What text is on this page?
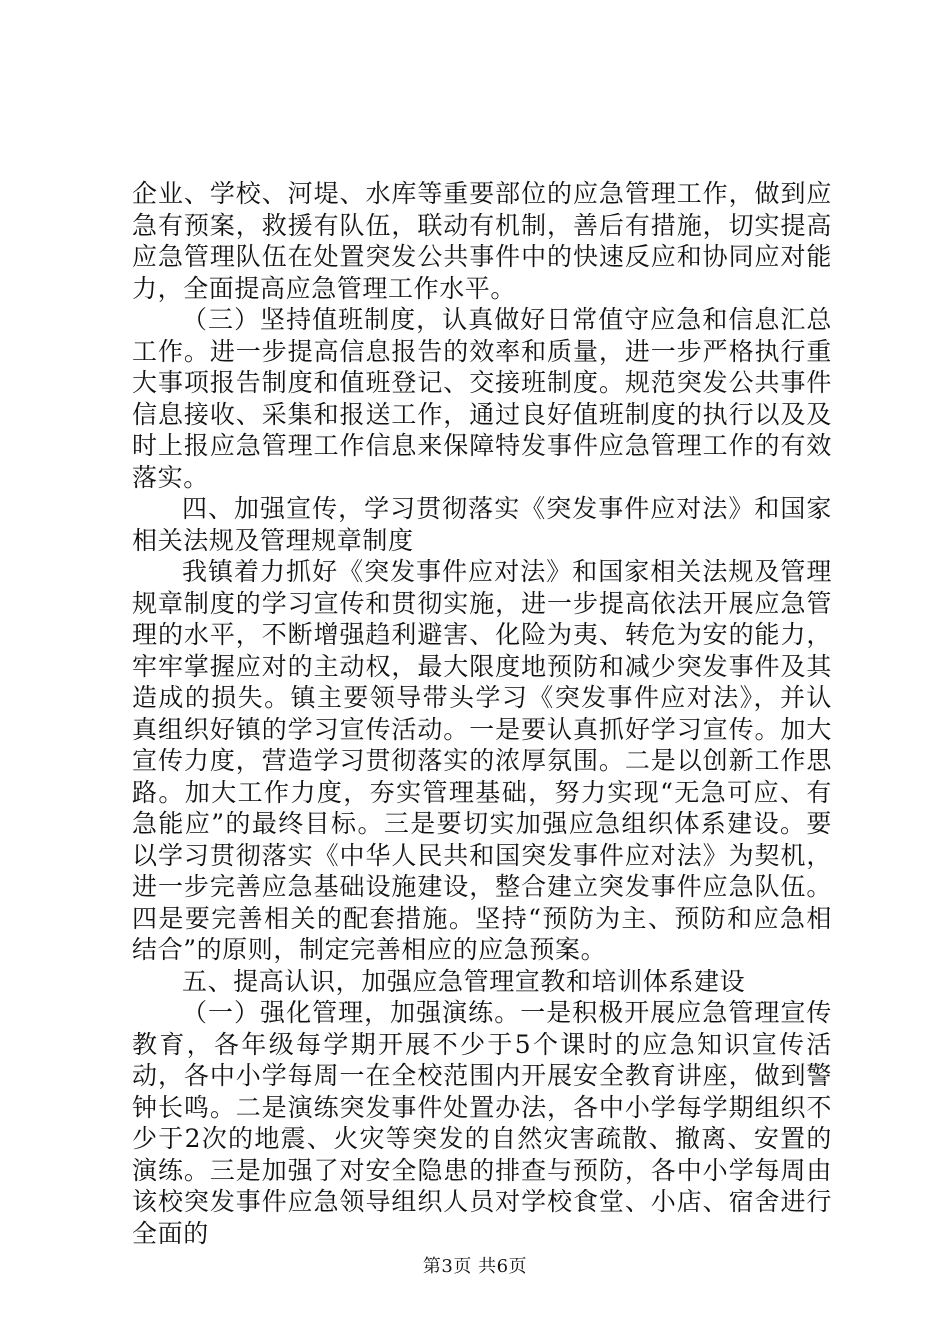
企业、学校、河堤、水库等重要部位的应急管理工作，做到应急有预案，救援有队伍，联动有机制，善后有措施，切实提高应急管理队伍在处置突发公共事件中的快速反应和协同应对能力，全面提高应急管理工作水平。

（三）坚持值班制度，认真做好日常值守应急和信息汇总工作。进一步提高信息报告的效率和质量，进一步严格执行重大事项报告制度和值班登记、交接班制度。规范突发公共事件信息接收、采集和报送工作，通过良好值班制度的执行以及及时上报应急管理工作信息来保障特发事件应急管理工作的有效落实。

四、加强宣传，学习贯彻落实《突发事件应对法》和国家相关法规及管理规章制度

我镇着力抓好《突发事件应对法》和国家相关法规及管理规章制度的学习宣传和贯彻实施，进一步提高依法开展应急管理的水平，不断增强趋利避害、化险为夷、转危为安的能力，牢牢掌握应对的主动权，最大限度地预防和减少突发事件及其造成的损失。镇主要领导带头学习《突发事件应对法》，并认真组织好镇的学习宣传活动。一是要认真抓好学习宣传。加大宣传力度，营造学习贯彻落实的浓厚氛围。二是以创新工作思路。加大工作力度，夯实管理基础，努力实现“无急可应、有急能应”的最终目标。三是要切实加强应急组织体系建设。要以学习贯彻落实《中华人民共和国突发事件应对法》为契机，进一步完善应急基础设施建设，整合建立突发事件应急队伍。四是要完善相关的配套措施。坚持“预防为主、预防和应急相结合”的原则，制定完善相应的应急预案。

五、提高认识，加强应急管理宣教和培训体系建设

（一）强化管理，加强演练。一是积极开展应急管理宣传教育，各年级每学期开展不少于5个课时的应急知识宣传活动，各中小学每周一在全校范围内开展安全教育讲座，做到警钟长鸣。二是演练突发事件处置办法，各中小学每学期组织不少于2次的地震、火灾等突发的自然灾害疏散、撤离、安置的演练。三是加强了对安全隐患的排查与预防，各中小学每周由该校突发事件应急领导组织人员对学校食堂、小店、宿舍进行全面的

第3页 共6页
